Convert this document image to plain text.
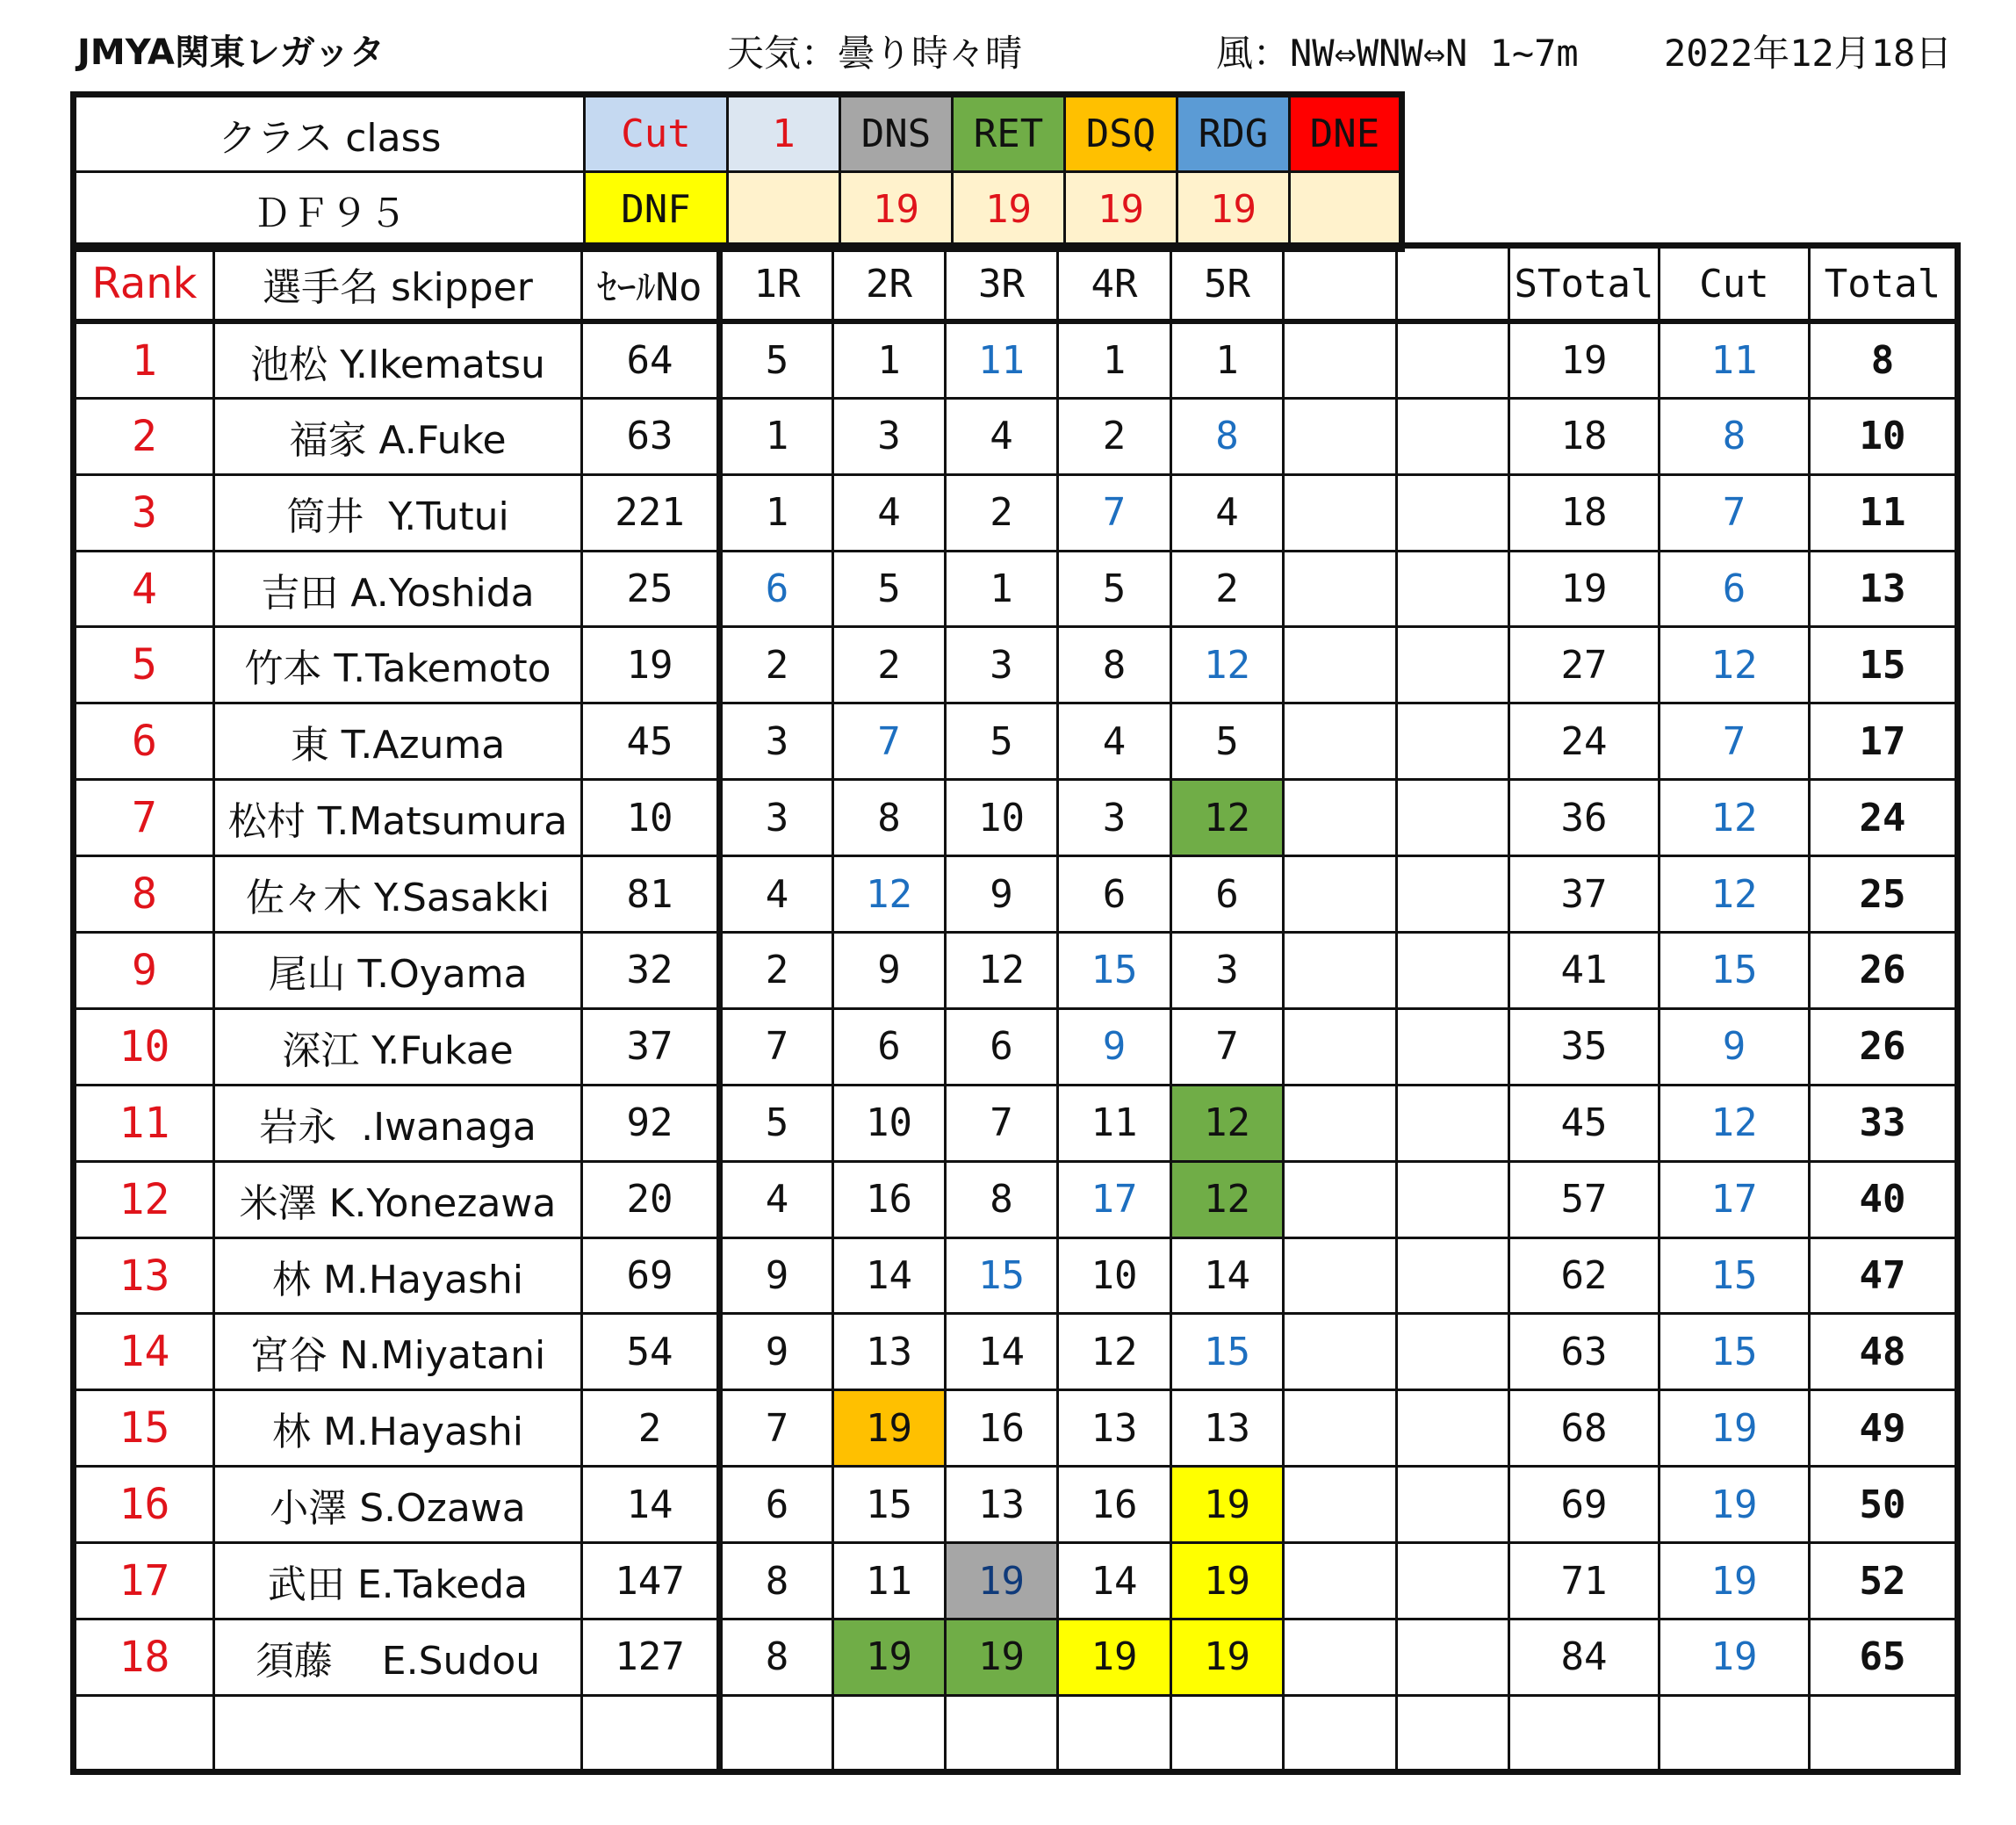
JMYA関東レガッタ	天気：曇り時々晴	風：NW⇔WNW⇔N 1~7m 2022年12月18日
クラス class	Cut	1	DNS	RET	DSQ	RDG	DNE
ＤＦ９５	DNF		19	19	19	19	
Rank	選手名 skipper	ｾｰﾙNo	1R	2R	3R	4R	5R			STotal	Cut	Total
1	池松 Y.Ikematsu	64	5	1	11	1	1			19	11	8
2	福家 A.Fuke	63	1	3	4	2	8			18	8	10
3	筒井  Y.Tutui	221	1	4	2	7	4			18	7	11
4	吉田 A.Yoshida	25	6	5	1	5	2			19	6	13
5	竹本 T.Takemoto	19	2	2	3	8	12			27	12	15
6	東 T.Azuma	45	3	7	5	4	5			24	7	17
7	松村 T.Matsumura	10	3	8	10	3	12			36	12	24
8	佐々木 Y.Sasakki	81	4	12	9	6	6			37	12	25
9	尾山 T.Oyama	32	2	9	12	15	3			41	15	26
10	深江 Y.Fukae	37	7	6	6	9	7			35	9	26
11	岩永  .Iwanaga	92	5	10	7	11	12			45	12	33
12	米澤 K.Yonezawa	20	4	16	8	17	12			57	17	40
13	林 M.Hayashi	69	9	14	15	10	14			62	15	47
14	宮谷 N.Miyatani	54	9	13	14	12	15			63	15	48
15	林 M.Hayashi	2	7	19	16	13	13			68	19	49
16	小澤 S.Ozawa	14	6	15	13	16	19			69	19	50
17	武田 E.Takeda	147	8	11	19	14	19			71	19	52
18	須藤    E.Sudou	127	8	19	19	19	19			84	19	65
